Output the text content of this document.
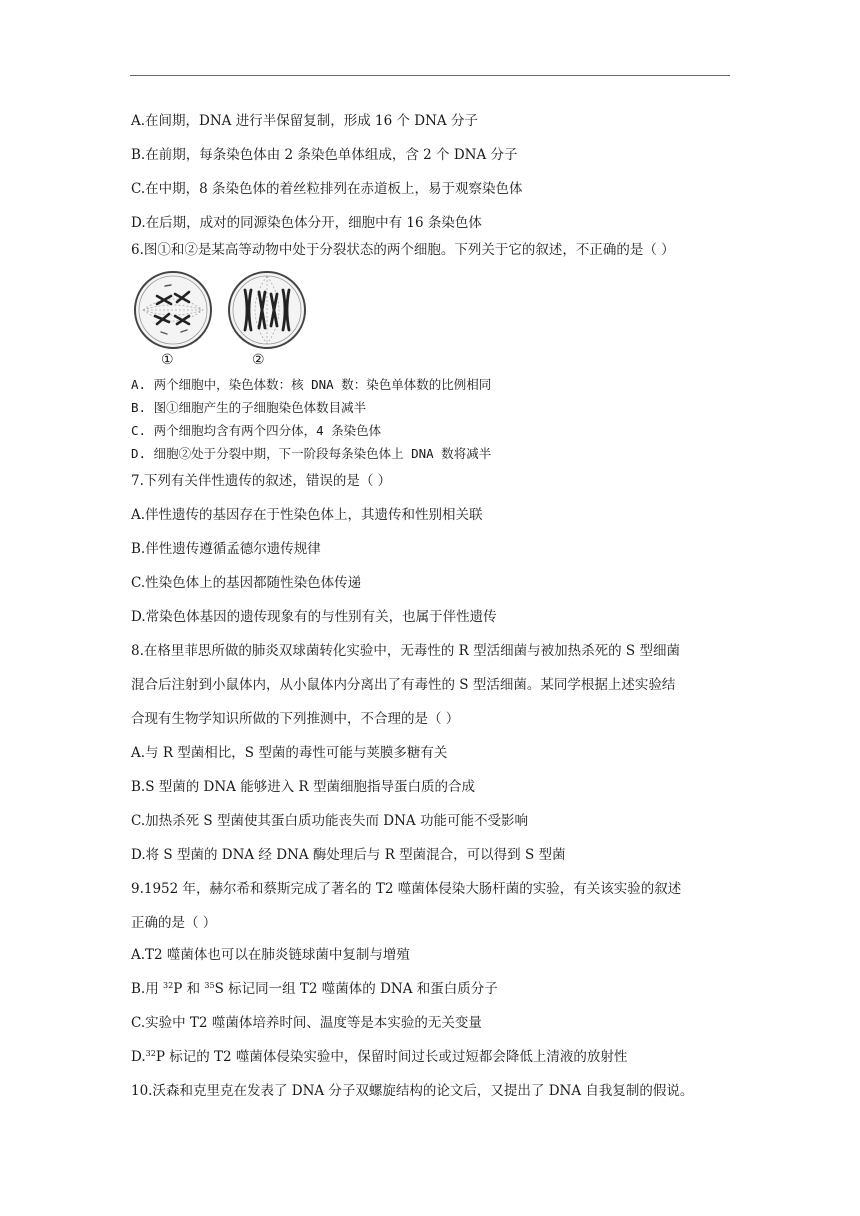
A.在间期，DNA 进行半保留复制，形成 16 个 DNA 分子
B.在前期，每条染色体由 2 条染色单体组成，含 2 个 DNA 分子
C.在中期，8 条染色体的着丝粒排列在赤道板上，易于观察染色体
D.在后期，成对的同源染色体分开，细胞中有 16 条染色体
6.图①和②是某高等动物中处于分裂状态的两个细胞。下列关于它的叙述，不正确的是（ ）
①	②
A. 两个细胞中，染色体数：核 DNA 数：染色单体数的比例相同
B. 图①细胞产生的子细胞染色体数目减半
C. 两个细胞均含有两个四分体，4 条染色体
D. 细胞②处于分裂中期，下一阶段每条染色体上 DNA 数将减半
7.下列有关伴性遗传的叙述，错误的是（ ）
A.伴性遗传的基因存在于性染色体上，其遗传和性别相关联
B.伴性遗传遵循孟德尔遗传规律
C.性染色体上的基因都随性染色体传递
D.常染色体基因的遗传现象有的与性别有关，也属于伴性遗传
8.在格里菲思所做的肺炎双球菌转化实验中，无毒性的 R 型活细菌与被加热杀死的 S 型细菌
混合后注射到小鼠体内，从小鼠体内分离出了有毒性的 S 型活细菌。某同学根据上述实验结
合现有生物学知识所做的下列推测中，不合理的是（ ）
A.与 R 型菌相比，S 型菌的毒性可能与荚膜多糖有关
B.S 型菌的 DNA 能够进入 R 型菌细胞指导蛋白质的合成
C.加热杀死 S 型菌使其蛋白质功能丧失而 DNA 功能可能不受影响
D.将 S 型菌的 DNA 经 DNA 酶处理后与 R 型菌混合，可以得到 S 型菌
9.1952 年，赫尔希和蔡斯完成了著名的 T2 噬菌体侵染大肠杆菌的实验，有关该实验的叙述
正确的是（ ）
A.T2 噬菌体也可以在肺炎链球菌中复制与增殖
B.用 $^{32}$P 和 $^{35}$S 标记同一组 T2 噬菌体的 DNA 和蛋白质分子
C.实验中 T2 噬菌体培养时间、温度等是本实验的无关变量
D.$^{32}$P 标记的 T2 噬菌体侵染实验中，保留时间过长或过短都会降低上清液的放射性
10.沃森和克里克在发表了 DNA 分子双螺旋结构的论文后，又提出了 DNA 自我复制的假说。
